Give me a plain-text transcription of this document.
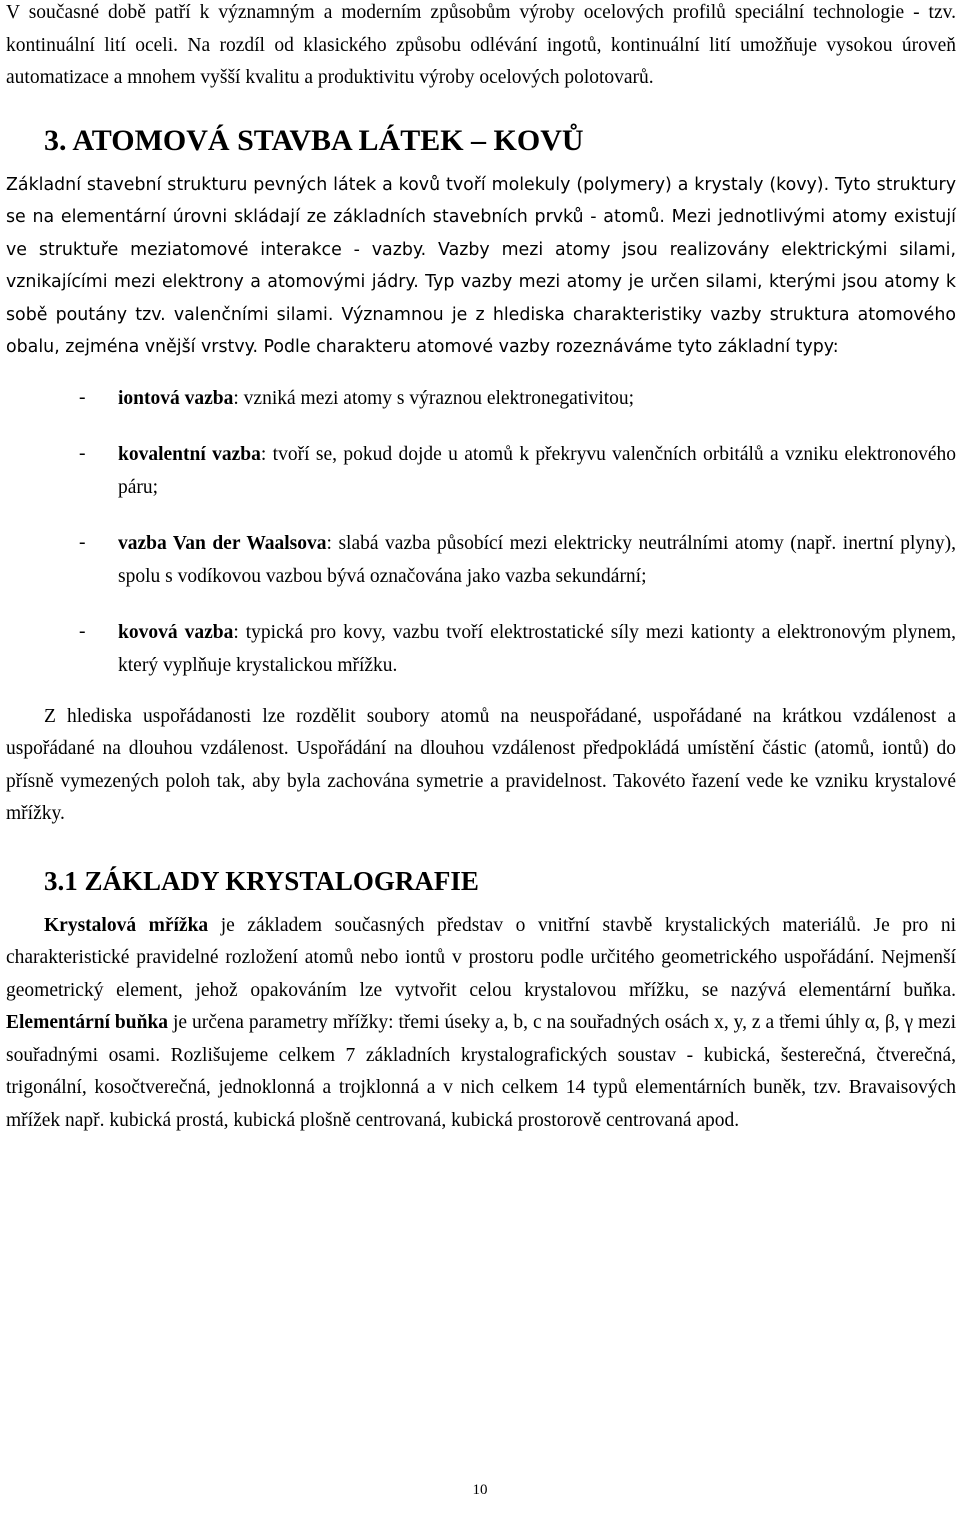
V současné době patří k významným a moderním způsobům výroby ocelových profilů speciální technologie - tzv. kontinuální lití oceli. Na rozdíl od klasického způsobu odlévání ingotů, kontinuální lití umožňuje vysokou úroveň automatizace a mnohem vyšší kvalitu a produktivitu výroby ocelových polotovarů.

3. ATOMOVÁ STAVBA LÁTEK – KOVŮ

Základní stavební strukturu pevných látek a kovů tvoří molekuly (polymery) a krystaly (kovy). Tyto struktury se na elementární úrovni skládají ze základních stavebních prvků - atomů. Mezi jednotlivými atomy existují ve struktuře meziatomové interakce - vazby. Vazby mezi atomy jsou realizovány elektrickými silami, vznikajícími mezi elektrony a atomovými jádry. Typ vazby mezi atomy je určen silami, kterými jsou atomy k sobě poutány tzv. valenčními silami. Významnou je z hlediska charakteristiky vazby struktura atomového obalu, zejména vnější vrstvy. Podle charakteru atomové vazby rozeznáváme tyto základní typy:

- iontová vazba: vzniká mezi atomy s výraznou elektronegativitou;

- kovalentní vazba: tvoří se, pokud dojde u atomů k překryvu valenčních orbitálů a vzniku elektronového páru;

- vazba Van der Waalsova: slabá vazba působící mezi elektricky neutrálními atomy (např. inertní plyny), spolu s vodíkovou vazbou bývá označována jako vazba sekundární;

- kovová vazba: typická pro kovy, vazbu tvoří elektrostatické síly mezi kationty a elektronovým plynem, který vyplňuje krystalickou mřížku.

Z hlediska uspořádanosti lze rozdělit soubory atomů na neuspořádané, uspořádané na krátkou vzdálenost a uspořádané na dlouhou vzdálenost. Uspořádání na dlouhou vzdálenost předpokládá umístění částic (atomů, iontů) do přísně vymezených poloh tak, aby byla zachována symetrie a pravidelnost. Takovéto řazení vede ke vzniku krystalové mřížky.

3.1 ZÁKLADY KRYSTALOGRAFIE

Krystalová mřížka je základem současných představ o vnitřní stavbě krystalických materiálů. Je pro ni charakteristické pravidelné rozložení atomů nebo iontů v prostoru podle určitého geometrického uspořádání. Nejmenší geometrický element, jehož opakováním lze vytvořit celou krystalovou mřížku, se nazývá elementární buňka. Elementární buňka je určena parametry mřížky: třemi úseky a, b, c na souřadných osách x, y, z a třemi úhly α, β, γ mezi souřadnými osami. Rozlišujeme celkem 7 základních krystalografických soustav - kubická, šesterečná, čtverečná, trigonální, kosočtverečná, jednoklonná a trojklonná a v nich celkem 14 typů elementárních buněk, tzv. Bravaisových mřížek např. kubická prostá, kubická plošně centrovaná, kubická prostorově centrovaná apod.

10
